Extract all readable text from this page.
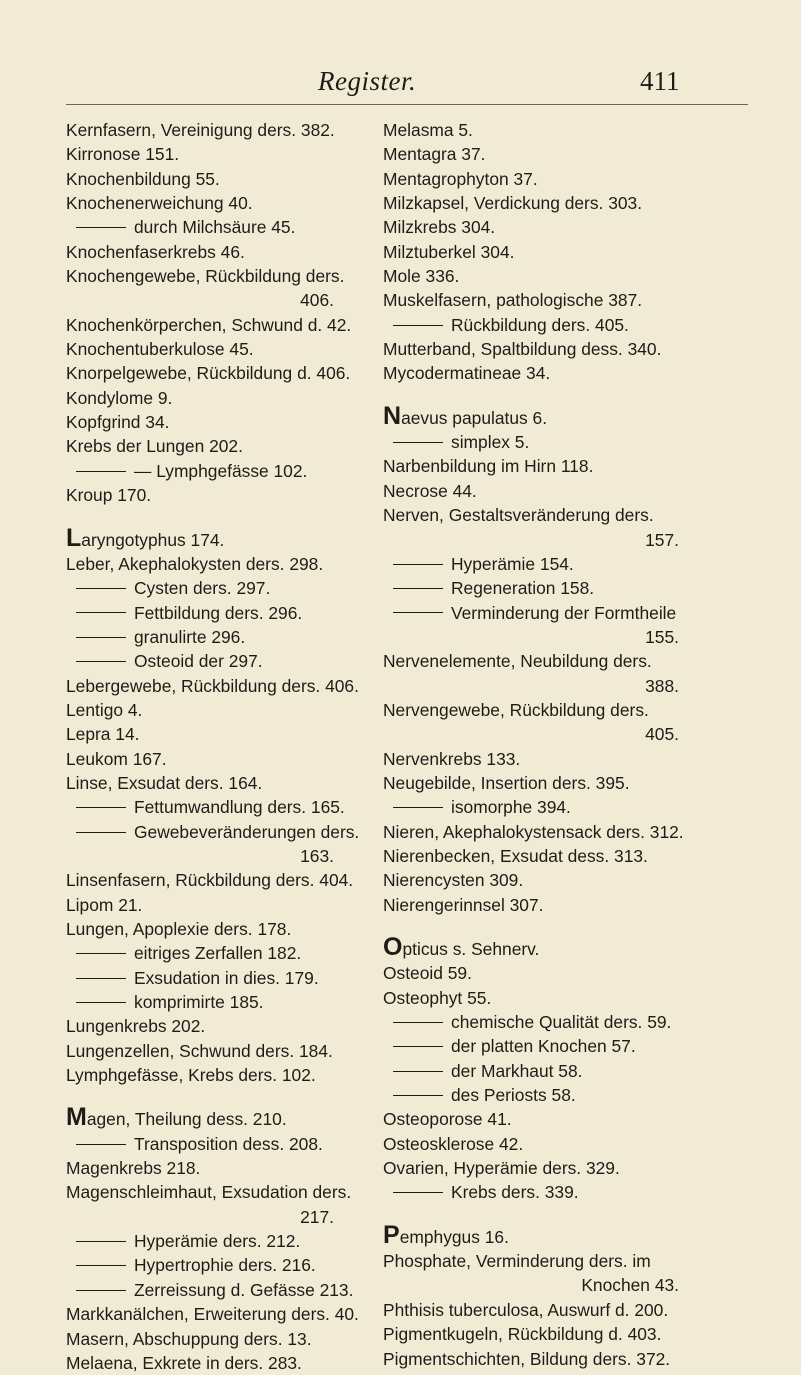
Register.	411
Kernfasern, Vereinigung ders. 382.
Kirronose 151.
Knochenbildung 55.
Knochenerweichung 40.
durch Milchsäure 45.
Knochenfaserkrebs 46.
Knochengewebe, Rückbildung ders.
406.
Knochenkörperchen, Schwund d. 42.
Knochentuberkulose 45.
Knorpelgewebe, Rückbildung d. 406.
Kondylome 9.
Kopfgrind 34.
Krebs der Lungen 202.
— Lymphgefässe 102.
Kroup 170.
Laryngotyphus 174.
Leber, Akephalokysten ders. 298.
Cysten ders. 297.
Fettbildung ders. 296.
granulirte 296.
Osteoid der 297.
Lebergewebe, Rückbildung ders. 406.
Lentigo 4.
Lepra 14.
Leukom 167.
Linse, Exsudat ders. 164.
Fettumwandlung ders. 165.
Gewebeveränderungen ders.
163.
Linsenfasern, Rückbildung ders. 404.
Lipom 21.
Lungen, Apoplexie ders. 178.
eitriges Zerfallen 182.
Exsudation in dies. 179.
komprimirte 185.
Lungenkrebs 202.
Lungenzellen, Schwund ders. 184.
Lymphgefässe, Krebs ders. 102.
Magen, Theilung dess. 210.
Transposition dess. 208.
Magenkrebs 218.
Magenschleimhaut, Exsudation ders.
217.
Hyperämie ders. 212.
Hypertrophie ders. 216.
Zerreissung d. Gefässe 213.
Markkanälchen, Erweiterung ders. 40.
Masern, Abschuppung ders. 13.
Melaena, Exkrete in ders. 283.
Melasma 5.
Mentagra 37.
Mentagrophyton 37.
Milzkapsel, Verdickung ders. 303.
Milzkrebs 304.
Milztuberkel 304.
Mole 336.
Muskelfasern, pathologische 387.
Rückbildung ders. 405.
Mutterband, Spaltbildung dess. 340.
Mycodermatineae 34.
Naevus papulatus 6.
simplex 5.
Narbenbildung im Hirn 118.
Necrose 44.
Nerven, Gestaltsveränderung ders.
157.
Hyperämie 154.
Regeneration 158.
Verminderung der Formtheile
155.
Nervenelemente, Neubildung ders.
388.
Nervengewebe, Rückbildung ders.
405.
Nervenkrebs 133.
Neugebilde, Insertion ders. 395.
isomorphe 394.
Nieren, Akephalokystensack ders. 312.
Nierenbecken, Exsudat dess. 313.
Nierencysten 309.
Nierengerinnsel 307.
Opticus s. Sehnerv.
Osteoid 59.
Osteophyt 55.
chemische Qualität ders. 59.
der platten Knochen 57.
der Markhaut 58.
des Periosts 58.
Osteoporose 41.
Osteosklerose 42.
Ovarien, Hyperämie ders. 329.
Krebs ders. 339.
Pemphygus 16.
Phosphate, Verminderung ders. im
Knochen 43.
Phthisis tuberculosa, Auswurf d. 200.
Pigmentkugeln, Rückbildung d. 403.
Pigmentschichten, Bildung ders. 372.
